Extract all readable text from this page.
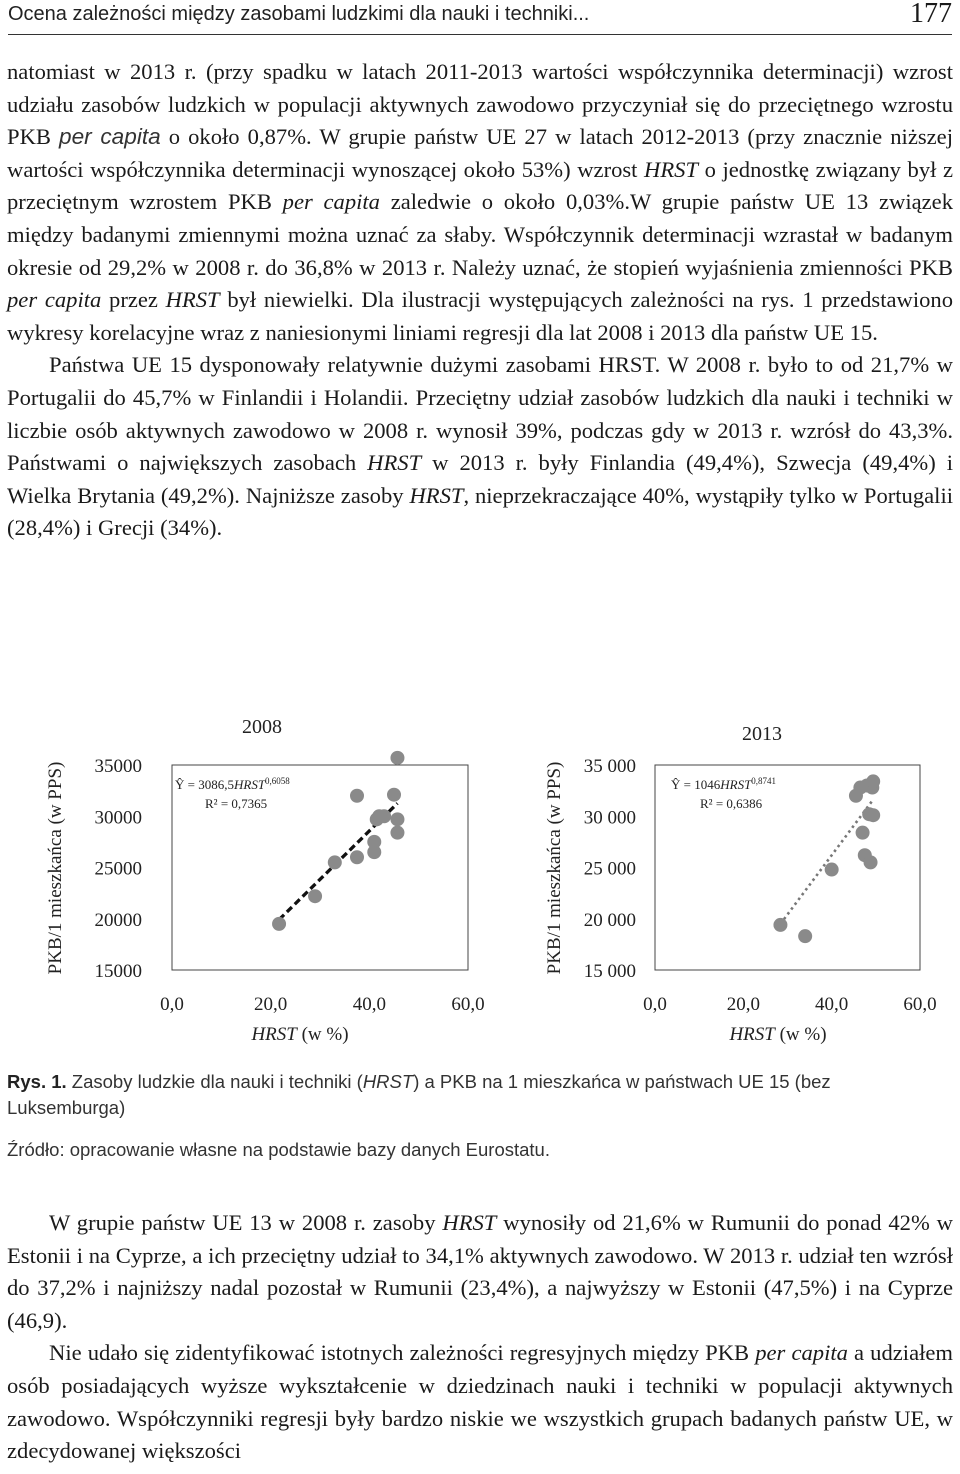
Ocena zależności między zasobami ludzkimi dla nauki i techniki...	177

natomiast w 2013 r. (przy spadku w latach 2011-2013 wartości współczynnika determinacji) wzrost udziału zasobów ludzkich w populacji aktywnych zawodowo przyczyniał się do przeciętnego wzrostu PKB per capita o około 0,87%. W grupie państw UE 27 w latach 2012-2013 (przy znacznie niższej wartości współczynnika determinacji wynoszącej około 53%) wzrost HRST o jednostkę związany był z przeciętnym wzrostem PKB per capita zaledwie o około 0,03%.W grupie państw UE 13 związek między badanymi zmiennymi można uznać za słaby. Współczynnik determinacji wzrastał w badanym okresie od 29,2% w 2008 r. do 36,8% w 2013 r. Należy uznać, że stopień wyjaśnienia zmienności PKB per capita przez HRST był niewielki. Dla ilustracji występujących zależności na rys. 1 przedstawiono wykresy korelacyjne wraz z naniesionymi liniami regresji dla lat 2008 i 2013 dla państw UE 15.

Państwa UE 15 dysponowały relatywnie dużymi zasobami HRST. W 2008 r. było to od 21,7% w Portugalii do 45,7% w Finlandii i Holandii. Przeciętny udział zasobów ludzkich dla nauki i techniki w liczbie osób aktywnych zawodowo w 2008 r. wynosił 39%, podczas gdy w 2013 r. wzrósł do 43,3%. Państwami o największych zasobach HRST w 2013 r. były Finlandia (49,4%), Szwecja (49,4%) i Wielka Brytania (49,2%). Najniższe zasoby HRST, nieprzekraczające 40%, wystąpiły tylko w Portugalii (28,4%) i Grecji (34%).

2008
PKB/1 mieszkańca (w PPS) 35000
30000
25000
20000
15000
0,0	20,0	40,0	60,0
HRST (w %)
Ŷ = $3086,5HRST^{0,6058}$
R² = 0,7365
2013
PKB/1 mieszkańca (w PPS) 35 000
30 000
25 000
20 000
15 000
0,0	20,0	40,0	60,0
HRST (w %)
Ŷ = $1046HRST^{0,8741}$
R² = 0,6386
Rys. 1. Zasoby ludzkie dla nauki i techniki (HRST) a PKB na 1 mieszkańca w państwach UE 15 (bez Luksemburga)
Źródło: opracowanie własne na podstawie bazy danych Eurostatu.

W grupie państw UE 13 w 2008 r. zasoby HRST wynosiły od 21,6% w Rumunii do ponad 42% w Estonii i na Cyprze, a ich przeciętny udział to 34,1% aktywnych zawodowo. W 2013 r. udział ten wzrósł do 37,2% i najniższy nadal pozostał w Rumunii (23,4%), a najwyższy w Estonii (47,5%) i na Cyprze (46,9).

Nie udało się zidentyfikować istotnych zależności regresyjnych między PKB per capita a udziałem osób posiadających wyższe wykształcenie w dziedzinach nauki i techniki w populacji aktywnych zawodowo. Współczynniki regresji były bardzo niskie we wszystkich grupach badanych państw UE, w zdecydowanej większości
